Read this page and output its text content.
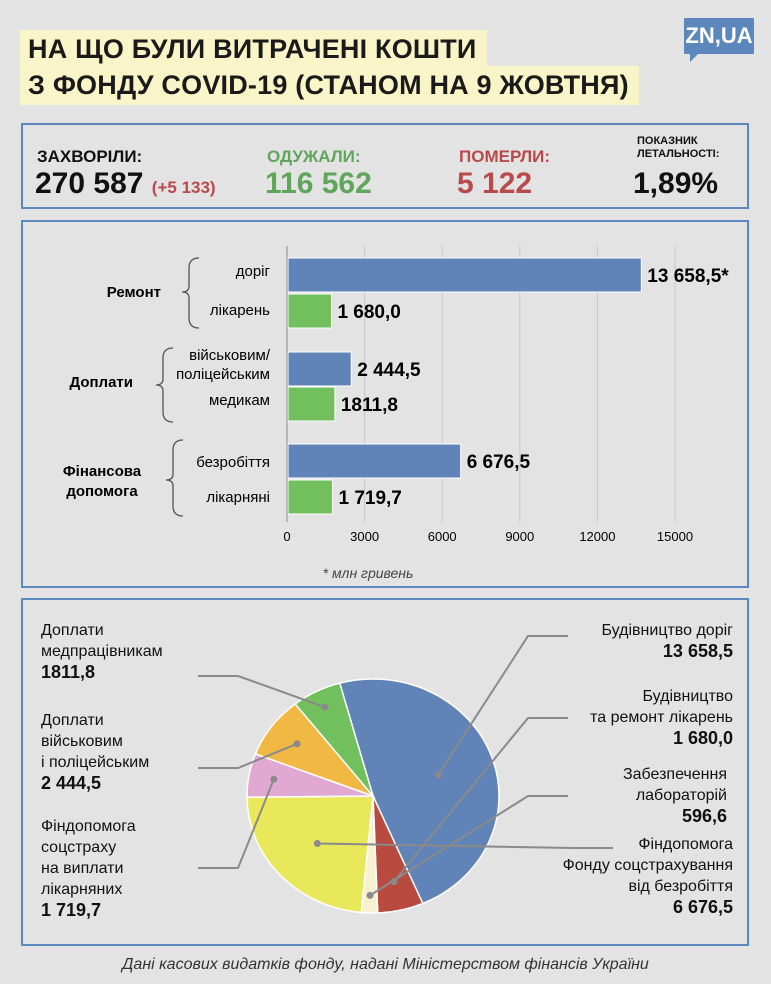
НА ЩО БУЛИ ВИТРАЧЕНІ КОШТИ
З ФОНДУ COVID-19 (СТАНОМ НА 9 ЖОВТНЯ)
ZN,UA
ЗАХВОРІЛИ:
270 587 (+5 133)
ОДУЖАЛИ:
116 562
ПОМЕРЛИ:
5 122
ПОКАЗНИК
ЛЕТАЛЬНОСТІ:
1,89%
13 658,5*
1 680,0
2 444,5
1811,8
6 676,5
1 719,7
0	3000	6000	9000	12000	15000
Ремонт
Доплати
Фінансова
допомога
доріг
лікарень
військовим/
поліцейським
медикам
безробіття
лікарняні
* млн гривень
Доплати
медпрацівникам
1811,8
Доплати
військовим
і поліцейським
2 444,5
Фіндопомога
соцстраху
на виплати
лікарняних
1 719,7
Будівництво доріг
13 658,5
Будівництво
та ремонт лікарень
1 680,0
Забезпечення
лабораторій
596,6
Фіндопомога
Фонду соцстрахування
від безробіття
6 676,5
Дані касових видатків фонду, надані Міністерством фінансів України
